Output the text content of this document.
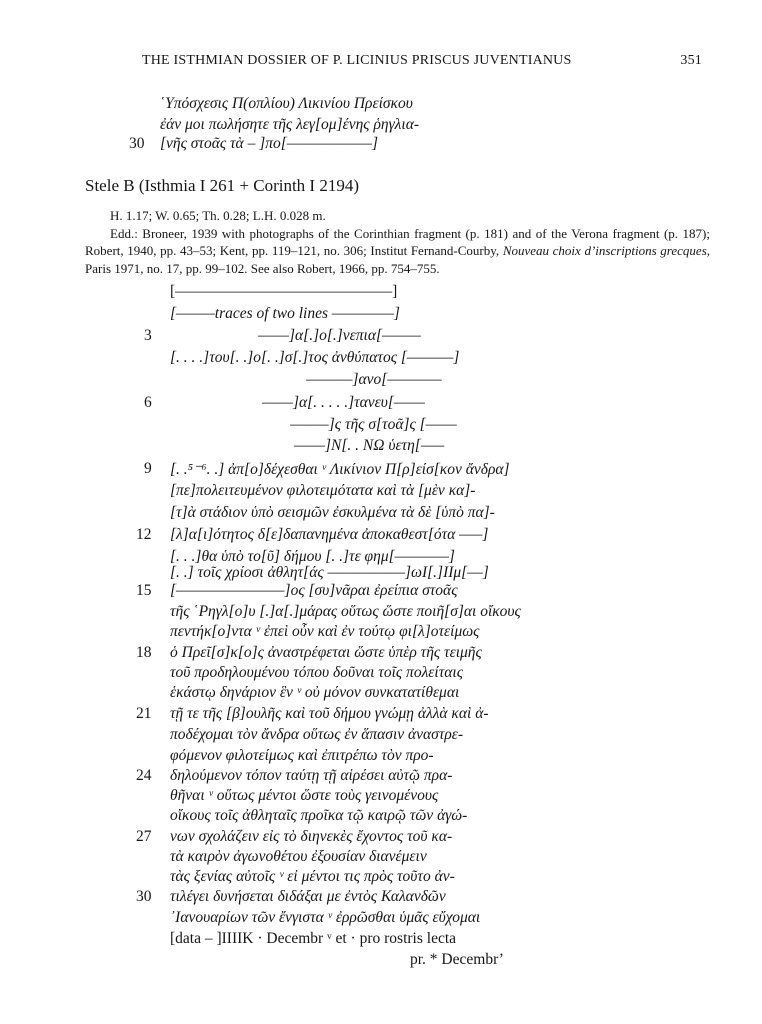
THE ISTHMIAN DOSSIER OF P. LICINIUS PRISCUS JUVENTIANUS	351
῾Υπόσχεσις Π(οπλίου) Λικινίου Πρείσκου
ἐάν μοι πωλήσητε τῆς λεγ[ομ]ένης ῥηγλια-
30 [νῆς στοᾶς τὰ – ]πο[–––––––––––]
Stele B (Isthmia I 261 + Corinth I 2194)
H. 1.17; W. 0.65; Th. 0.28; L.H. 0.028 m.
Edd.: Broneer, 1939 with photographs of the Corinthian fragment (p. 181) and of the Verona fragment (p. 187); Robert, 1940, pp. 43–53; Kent, pp. 119–121, no. 306; Institut Fernand-Courby, Nouveau choix d’inscriptions grecques, Paris 1971, no. 17, pp. 99–102. See also Robert, 1966, pp. 754–755.
3
6
9
12
15
18
21
24
27
30
[––––––––––––––––––––––––––––]
[–––––traces of two lines ––––––––]
––––]α[.]ο[.]νεπια[–––––
[. . . .]του[. .]ο[. .]σ[.]τος ἀνθύπατος [––––––]
––––––]ανο[–––––––
––––]α[. . . . .]τανευ[––––
–––––]ς τῆς σ[τοᾶ]ς [––––
––––]N[. . NΩ ὑετη[–––
[. .⁵⁻⁶. .] ἀπ[ο]δέχεσθαι ᵛ Λικίνιον Π[ρ]είσ[κον ἄνδρα]
[πε]πολειτευμένον φιλοτειμότατα καὶ τὰ [μὲν κα]-
[τ]ὰ στάδιον ὑπὸ σεισμῶν ἐσκυλμένα τὰ δὲ [ὑπὸ πα]-
[λ]α[ι]ότητος δ[ε]δαπανημένα ἀποκαθεστ[ότα –––]
[. . .]θα ὑπὸ το[ῦ] δήμου [. .]τε φημ[–––––––]
[. .] τοῖς χρίοσι ἀθλητ[άς ––––––––––]ωΙ[.]ΙΙμ[––]
[––––––––––––––]ος [συ]νᾶραι ἐρείπια στοᾶς
τῆς ῾Ρηγλ[ο]υ [.]α[.]μάρας οὕτως ὥστε ποιῆ[σ]αι οἴκους
πεντήκ[ο]ντα ᵛ ἐπεὶ οὖν καὶ ἐν τούτῳ φι[λ]οτείμως
ὁ Πρεῖ[σ]κ[ο]ς ἀναστρέφεται ὥστε ὑπὲρ τῆς τειμῆς
τοῦ προδηλουμένου τόπου δοῦναι τοῖς πολείταις
ἑκάστῳ δηνάριον ἓν ᵛ οὐ μόνον συνκατατίθεμαι
τῇ τε τῆς [β]ουλῆς καὶ τοῦ δήμου γνώμῃ ἀλλὰ καὶ ἀ-
ποδέχομαι τὸν ἄνδρα οὕτως ἐν ἅπασιν ἀναστρε-
φόμενον φιλοτείμως καὶ ἐπιτρέπω τὸν προ-
δηλούμενον τόπον ταύτῃ τῇ αἱρέσει αὐτῷ πρα-
θῆναι ᵛ οὕτως μέντοι ὥστε τοὺς γεινομένους
οἴκους τοῖς ἀθληταῖς προῖκα τῷ καιρῷ τῶν ἀγώ-
νων σχολάζειν εἰς τὸ διηνεκὲς ἔχοντος τοῦ κα-
τὰ καιρὸν ἀγωνοθέτου ἐξουσίαν διανέμειν
τὰς ξενίας αὐτοῖς ᵛ εἰ μέντοι τις πρὸς τοῦτο ἀν-
τιλέγει δυνήσεται διδάξαι με ἐντὸς Καλανδῶν
᾿Ιανουαρίων τῶν ἔνγιστα ᵛ ἐρρῶσθαι ὑμᾶς εὔχομαι
[data – ]IIIIK · Decembr ᵛ et · pro rostris lecta
pr. * Decembr’
